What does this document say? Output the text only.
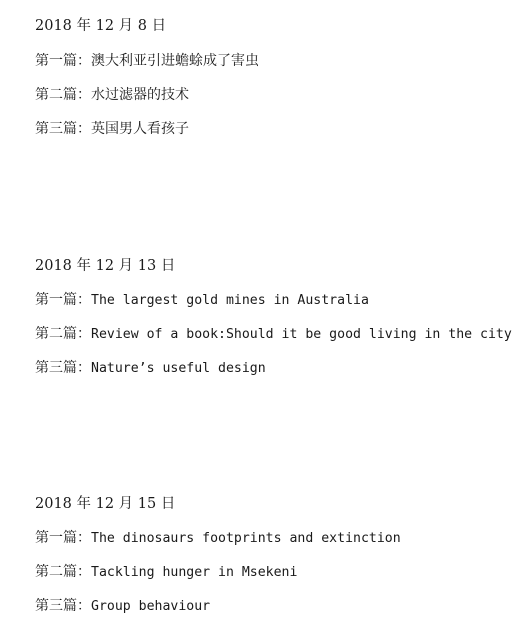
2018 年 12 月 8 日
第一篇：澳大利亚引进蟾蜍成了害虫
第二篇：水过滤器的技术
第三篇：英国男人看孩子
2018 年 12 月 13 日
第一篇：The largest gold mines in Australia
第二篇：Review of a book:Should it be good living in the city
第三篇：Nature’s useful design
2018 年 12 月 15 日
第一篇：The dinosaurs footprints and extinction
第二篇：Tackling hunger in Msekeni
第三篇：Group behaviour
